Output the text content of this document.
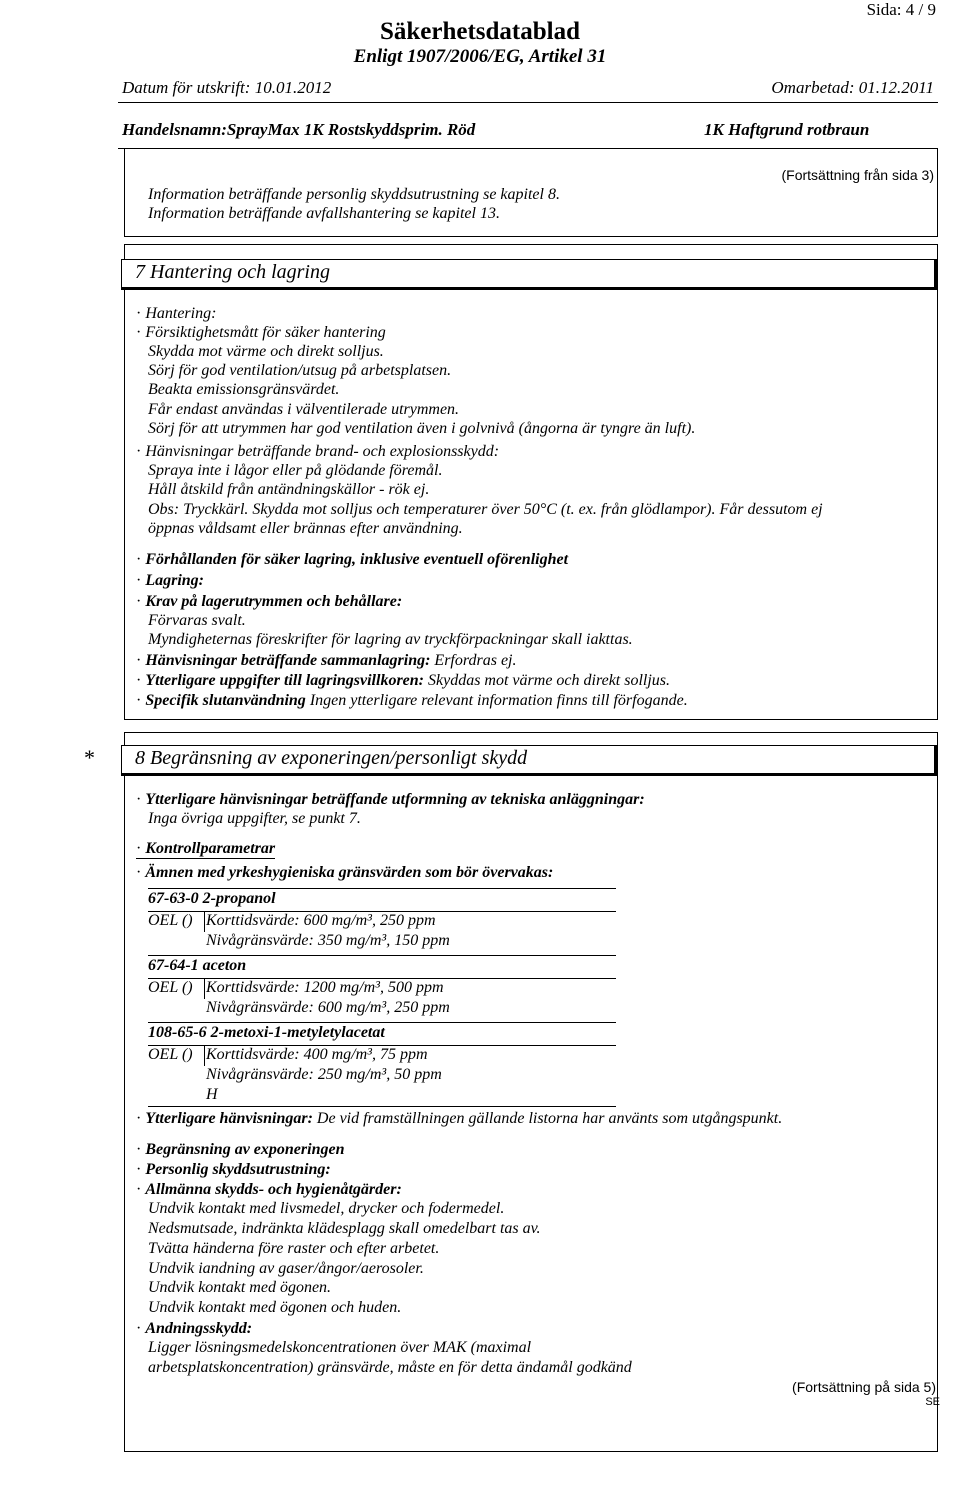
Sida: 4 / 9
Säkerhetsdatablad
Enligt 1907/2006/EG, Artikel 31
Datum för utskrift: 10.01.2012	Omarbetad: 01.12.2011
Handelsnamn:SprayMax 1K Rostskyddsprim. Röd	1K Haftgrund rotbraun
(Fortsättning från sida 3)
Information beträffande personlig skyddsutrustning se kapitel 8.
Information beträffande avfallshantering se kapitel 13.
7 Hantering och lagring
· Hantering:
· Försiktighetsmått för säker hantering
Skydda mot värme och direkt solljus.
Sörj för god ventilation/utsug på arbetsplatsen.
Beakta emissionsgränsvärdet.
Får endast användas i välventilerade utrymmen.
Sörj för att utrymmen har god ventilation även i golvnivå (ångorna är tyngre än luft).
· Hänvisningar beträffande brand- och explosionsskydd:
Spraya inte i lågor eller på glödande föremål.
Håll åtskild från antändningskällor - rök ej.
Obs: Tryckkärl. Skydda mot solljus och temperaturer över 50°C (t. ex. från glödlampor). Får dessutom ej
öppnas våldsamt eller brännas efter användning.
· Förhållanden för säker lagring, inklusive eventuell oförenlighet
· Lagring:
· Krav på lagerutrymmen och behållare:
Förvaras svalt.
Myndigheternas föreskrifter för lagring av tryckförpackningar skall iakttas.
· Hänvisningar beträffande sammanlagring: Erfordras ej.
· Ytterligare uppgifter till lagringsvillkoren: Skyddas mot värme och direkt solljus.
· Specifik slutanvändning Ingen ytterligare relevant information finns till förfogande.
* 8 Begränsning av exponeringen/personligt skydd
· Ytterligare hänvisningar beträffande utformning av tekniska anläggningar:
Inga övriga uppgifter, se punkt 7.
· Kontrollparametrar
· Ämnen med yrkeshygieniska gränsvärden som bör övervakas:
67-63-0 2-propanol
OEL () Korttidsvärde: 600 mg/m³, 250 ppm
Nivågränsvärde: 350 mg/m³, 150 ppm
67-64-1 aceton
OEL () Korttidsvärde: 1200 mg/m³, 500 ppm
Nivågränsvärde: 600 mg/m³, 250 ppm
108-65-6 2-metoxi-1-metyletylacetat
OEL () Korttidsvärde: 400 mg/m³, 75 ppm
Nivågränsvärde: 250 mg/m³, 50 ppm
H
· Ytterligare hänvisningar: De vid framställningen gällande listorna har använts som utgångspunkt.
· Begränsning av exponeringen
· Personlig skyddsutrustning:
· Allmänna skydds- och hygienåtgärder:
Undvik kontakt med livsmedel, drycker och fodermedel.
Nedsmutsade, indränkta klädesplagg skall omedelbart tas av.
Tvätta händerna före raster och efter arbetet.
Undvik iandning av gaser/ångor/aerosoler.
Undvik kontakt med ögonen.
Undvik kontakt med ögonen och huden.
· Andningsskydd:
Ligger lösningsmedelskoncentrationen över MAK (maximal
arbetsplatskoncentration) gränsvärde, måste en för detta ändamål godkänd
(Fortsättning på sida 5)
SE
